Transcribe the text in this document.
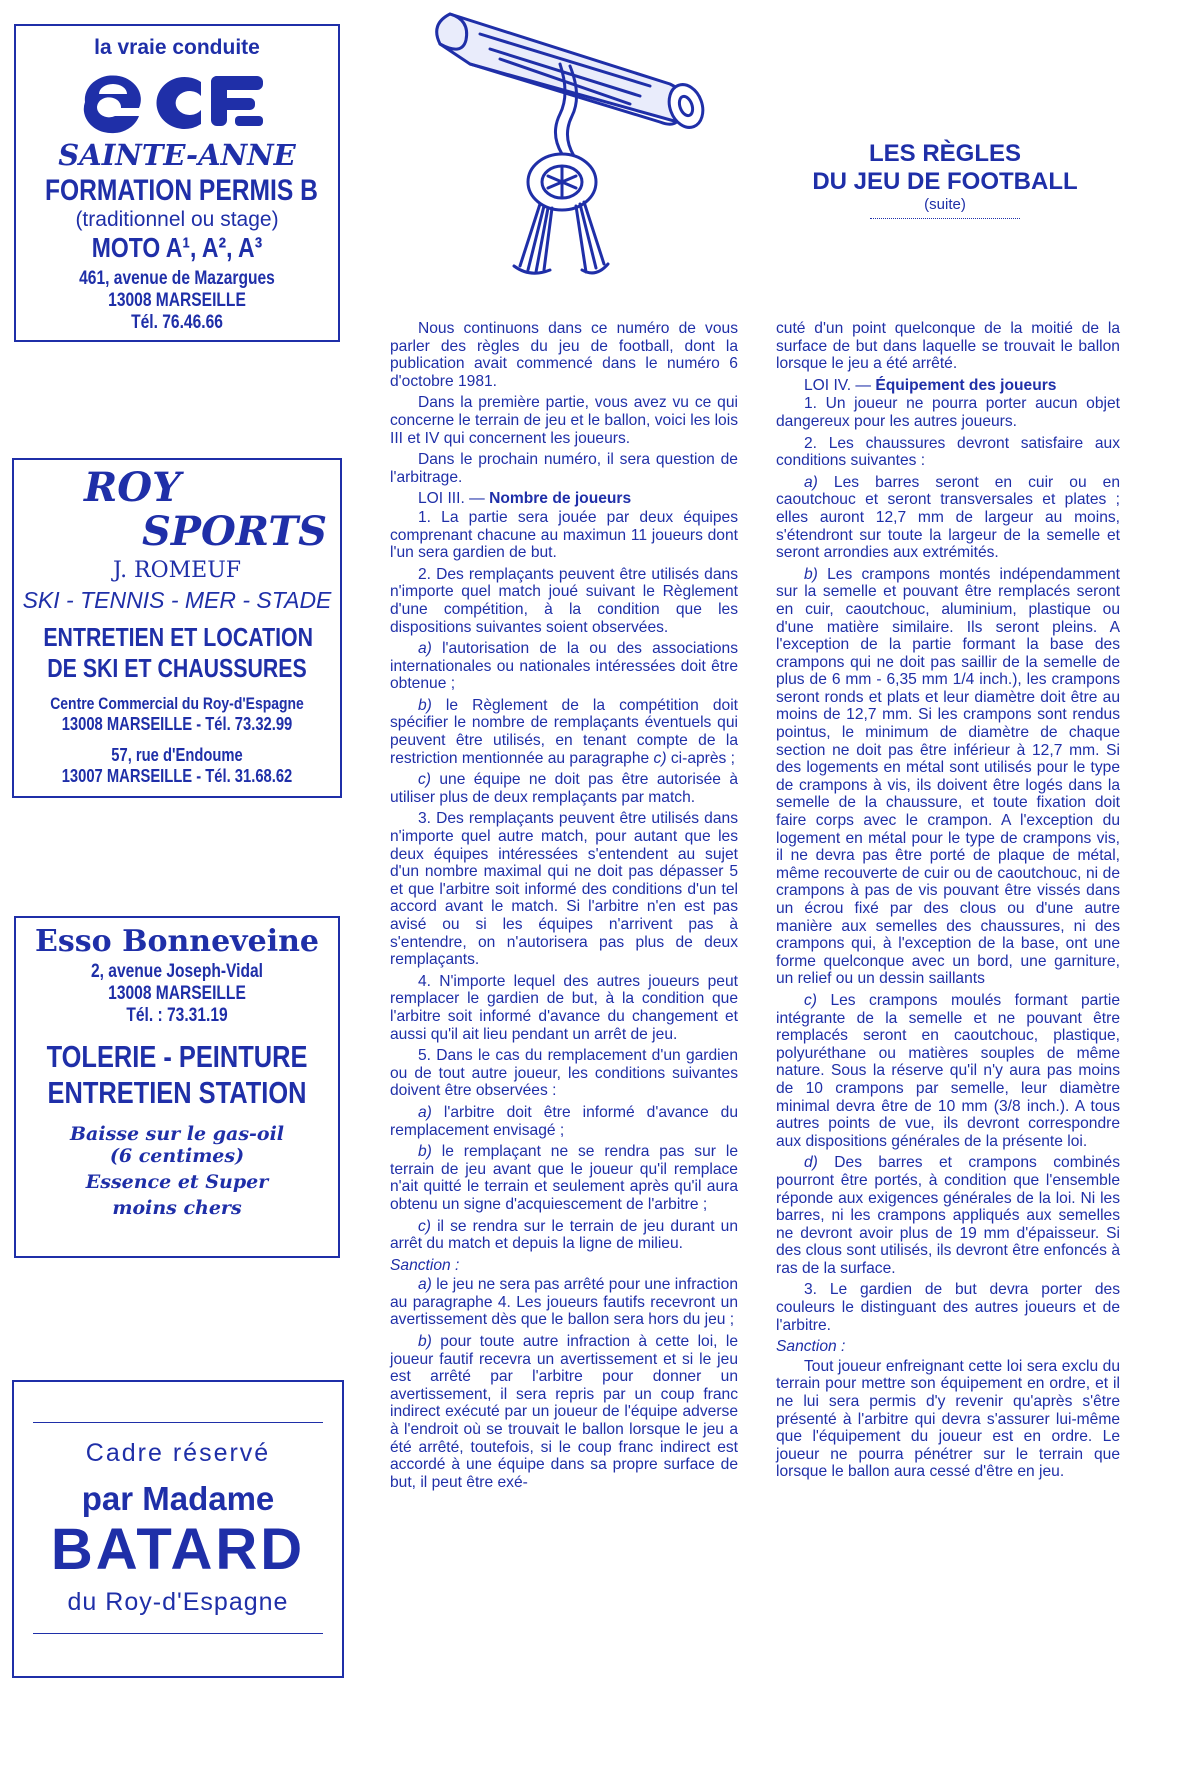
la vraie conduite
SAINTE-ANNE
FORMATION PERMIS B
(traditionnel ou stage)
MOTO A¹, A², A³
461, avenue de Mazargues
13008 MARSEILLE
Tél. 76.46.66
ROY
SPORTS
J. ROMEUF
SKI - TENNIS - MER - STADE
ENTRETIEN ET LOCATION
DE SKI ET CHAUSSURES
Centre Commercial du Roy-d'Espagne
13008 MARSEILLE - Tél. 73.32.99
57, rue d'Endoume
13007 MARSEILLE - Tél. 31.68.62
Esso Bonneveine
2, avenue Joseph-Vidal
13008 MARSEILLE
Tél. : 73.31.19
TOLERIE - PEINTURE
ENTRETIEN STATION
Baisse sur le gas-oil
(6 centimes)
Essence et Super
moins chers
Cadre réservé
par Madame
BATARD
du Roy-d'Espagne
LES RÈGLES
DU JEU DE FOOTBALL
(suite)

Nous continuons dans ce numéro de vous parler des règles du jeu de football, dont la publication avait commencé dans le numéro 6 d'octobre 1981.

Dans la première partie, vous avez vu ce qui concerne le terrain de jeu et le ballon, voici les lois III et IV qui concernent les joueurs.

Dans le prochain numéro, il sera question de l'arbitrage.

LOI III. — Nombre de joueurs

1. La partie sera jouée par deux équipes comprenant chacune au maximun 11 joueurs dont l'un sera gardien de but.

2. Des remplaçants peuvent être utilisés dans n'importe quel match joué suivant le Règlement d'une compétition, à la condition que les dispositions suivantes soient observées.

a) l'autorisation de la ou des associations internationales ou nationales intéressées doit être obtenue ;

b) le Règlement de la compétition doit spécifier le nombre de remplaçants éventuels qui peuvent être utilisés, en tenant compte de la restriction mentionnée au paragraphe c) ci-après ;

c) une équipe ne doit pas être autorisée à utiliser plus de deux remplaçants par match.

3. Des remplaçants peuvent être utilisés dans n'importe quel autre match, pour autant que les deux équipes intéressées s'entendent au sujet d'un nombre maximal qui ne doit pas dépasser 5 et que l'arbitre soit informé des conditions d'un tel accord avant le match. Si l'arbitre n'en est pas avisé ou si les équipes n'arrivent pas à s'entendre, on n'autorisera pas plus de deux remplaçants.

4. N'importe lequel des autres joueurs peut remplacer le gardien de but, à la condition que l'arbitre soit informé d'avance du changement et aussi qu'il ait lieu pendant un arrêt de jeu.

5. Dans le cas du remplacement d'un gardien ou de tout autre joueur, les conditions suivantes doivent être observées :

a) l'arbitre doit être informé d'avance du remplacement envisagé ;

b) le remplaçant ne se rendra pas sur le terrain de jeu avant que le joueur qu'il remplace n'ait quitté le terrain et seulement après qu'il aura obtenu un signe d'acquiescement de l'arbitre ;

c) il se rendra sur le terrain de jeu durant un arrêt du match et depuis la ligne de milieu.

Sanction :

a) le jeu ne sera pas arrêté pour une infraction au paragraphe 4. Les joueurs fautifs recevront un avertissement dès que le ballon sera hors du jeu ;

b) pour toute autre infraction à cette loi, le joueur fautif recevra un avertissement et si le jeu est arrêté par l'arbitre pour donner un avertissement, il sera repris par un coup franc indirect exécuté par un joueur de l'équipe adverse à l'endroit où se trouvait le ballon lorsque le jeu a été arrêté, toutefois, si le coup franc indirect est accordé à une équipe dans sa propre surface de but, il peut être exé-

cuté d'un point quelconque de la moitié de la surface de but dans laquelle se trouvait le ballon lorsque le jeu a été arrêté.

LOI IV. — Équipement des joueurs

1. Un joueur ne pourra porter aucun objet dangereux pour les autres joueurs.

2. Les chaussures devront satisfaire aux conditions suivantes :

a) Les barres seront en cuir ou en caoutchouc et seront transversales et plates ; elles auront 12,7 mm de largeur au moins, s'étendront sur toute la largeur de la semelle et seront arrondies aux extrémités.

b) Les crampons montés indépendamment sur la semelle et pouvant être remplacés seront en cuir, caoutchouc, aluminium, plastique ou d'une matière similaire. Ils seront pleins. A l'exception de la partie formant la base des crampons qui ne doit pas saillir de la semelle de plus de 6 mm - 6,35 mm 1/4 inch.), les crampons seront ronds et plats et leur diamètre doit être au moins de 12,7 mm. Si les crampons sont rendus pointus, le minimum de diamètre de chaque section ne doit pas être inférieur à 12,7 mm. Si des logements en métal sont utilisés pour le type de crampons à vis, ils doivent être logés dans la semelle de la chaussure, et toute fixation doit faire corps avec le crampon. A l'exception du logement en métal pour le type de crampons vis, il ne devra pas être porté de plaque de métal, même recouverte de cuir ou de caoutchouc, ni de crampons à pas de vis pouvant être vissés dans un écrou fixé par des clous ou d'une autre manière aux semelles des chaussures, ni des crampons qui, à l'exception de la base, ont une forme quelconque avec un bord, une garniture, un relief ou un dessin saillants

c) Les crampons moulés formant partie intégrante de la semelle et ne pouvant être remplacés seront en caoutchouc, plastique, polyuréthane ou matières souples de même nature. Sous la réserve qu'il n'y aura pas moins de 10 crampons par semelle, leur diamètre minimal devra être de 10 mm (3/8 inch.). A tous autres points de vue, ils devront correspondre aux dispositions générales de la présente loi.

d) Des barres et crampons combinés pourront être portés, à condition que l'ensemble réponde aux exigences générales de la loi. Ni les barres, ni les crampons appliqués aux semelles ne devront avoir plus de 19 mm d'épaisseur. Si des clous sont utilisés, ils devront être enfoncés à ras de la surface.

3. Le gardien de but devra porter des couleurs le distinguant des autres joueurs et de l'arbitre.

Sanction :

Tout joueur enfreignant cette loi sera exclu du terrain pour mettre son équipement en ordre, et il ne lui sera permis d'y revenir qu'après s'être présenté à l'arbitre qui devra s'assurer lui-même que l'équipement du joueur est en ordre. Le joueur ne pourra pénétrer sur le terrain que lorsque le ballon aura cessé d'être en jeu.
